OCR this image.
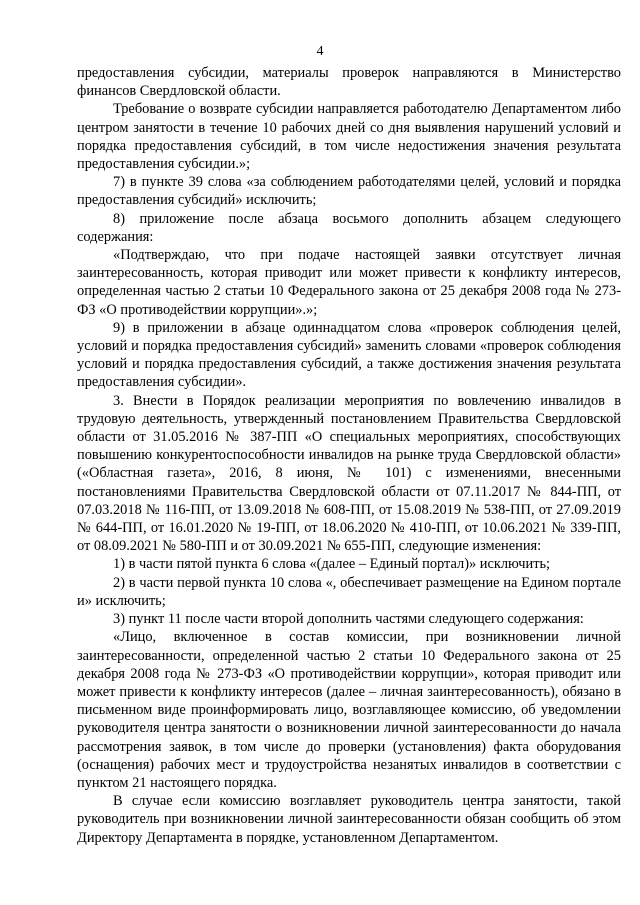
4

предоставления субсидии, материалы проверок направляются в Министерство финансов Свердловской области.

Требование о возврате субсидии направляется работодателю Департаментом либо центром занятости в течение 10 рабочих дней со дня выявления нарушений условий и порядка предоставления субсидий, в том числе недостижения значения результата предоставления субсидии.»;

7) в пункте 39 слова «за соблюдением работодателями целей, условий и порядка предоставления субсидий» исключить;

8) приложение после абзаца восьмого дополнить абзацем следующего содержания:

«Подтверждаю, что при подаче настоящей заявки отсутствует личная заинтересованность, которая приводит или может привести к конфликту интересов, определенная частью 2 статьи 10 Федерального закона от 25 декабря 2008 года № 273-ФЗ «О противодействии коррупции».»;

9) в приложении в абзаце одиннадцатом слова «проверок соблюдения целей, условий и порядка предоставления субсидий» заменить словами «проверок соблюдения условий и порядка предоставления субсидий, а также достижения значения результата предоставления субсидии».

3. Внести в Порядок реализации мероприятия по вовлечению инвалидов в трудовую деятельность, утвержденный постановлением Правительства Свердловской области от 31.05.2016 № 387-ПП «О специальных мероприятиях, способствующих повышению конкурентоспособности инвалидов на рынке труда Свердловской области» («Областная газета», 2016, 8 июня, № 101) с изменениями, внесенными постановлениями Правительства Свердловской области от 07.11.2017 № 844-ПП, от 07.03.2018 № 116-ПП, от 13.09.2018 № 608-ПП, от 15.08.2019 № 538-ПП, от 27.09.2019 № 644-ПП, от 16.01.2020 № 19-ПП, от 18.06.2020 № 410-ПП, от 10.06.2021 № 339-ПП, от 08.09.2021 № 580-ПП и от 30.09.2021 № 655-ПП, следующие изменения:

1) в части пятой пункта 6 слова «(далее – Единый портал)» исключить;

2) в части первой пункта 10 слова «, обеспечивает размещение на Едином портале и» исключить;

3) пункт 11 после части второй дополнить частями следующего содержания:

«Лицо, включенное в состав комиссии, при возникновении личной заинтересованности, определенной частью 2 статьи 10 Федерального закона от 25 декабря 2008 года № 273-ФЗ «О противодействии коррупции», которая приводит или может привести к конфликту интересов (далее – личная заинтересованность), обязано в письменном виде проинформировать лицо, возглавляющее комиссию, об уведомлении руководителя центра занятости о возникновении личной заинтересованности до начала рассмотрения заявок, в том числе до проверки (установления) факта оборудования (оснащения) рабочих мест и трудоустройства незанятых инвалидов в соответствии с пунктом 21 настоящего порядка.

В случае если комиссию возглавляет руководитель центра занятости, такой руководитель при возникновении личной заинтересованности обязан сообщить об этом Директору Департамента в порядке, установленном Департаментом.
